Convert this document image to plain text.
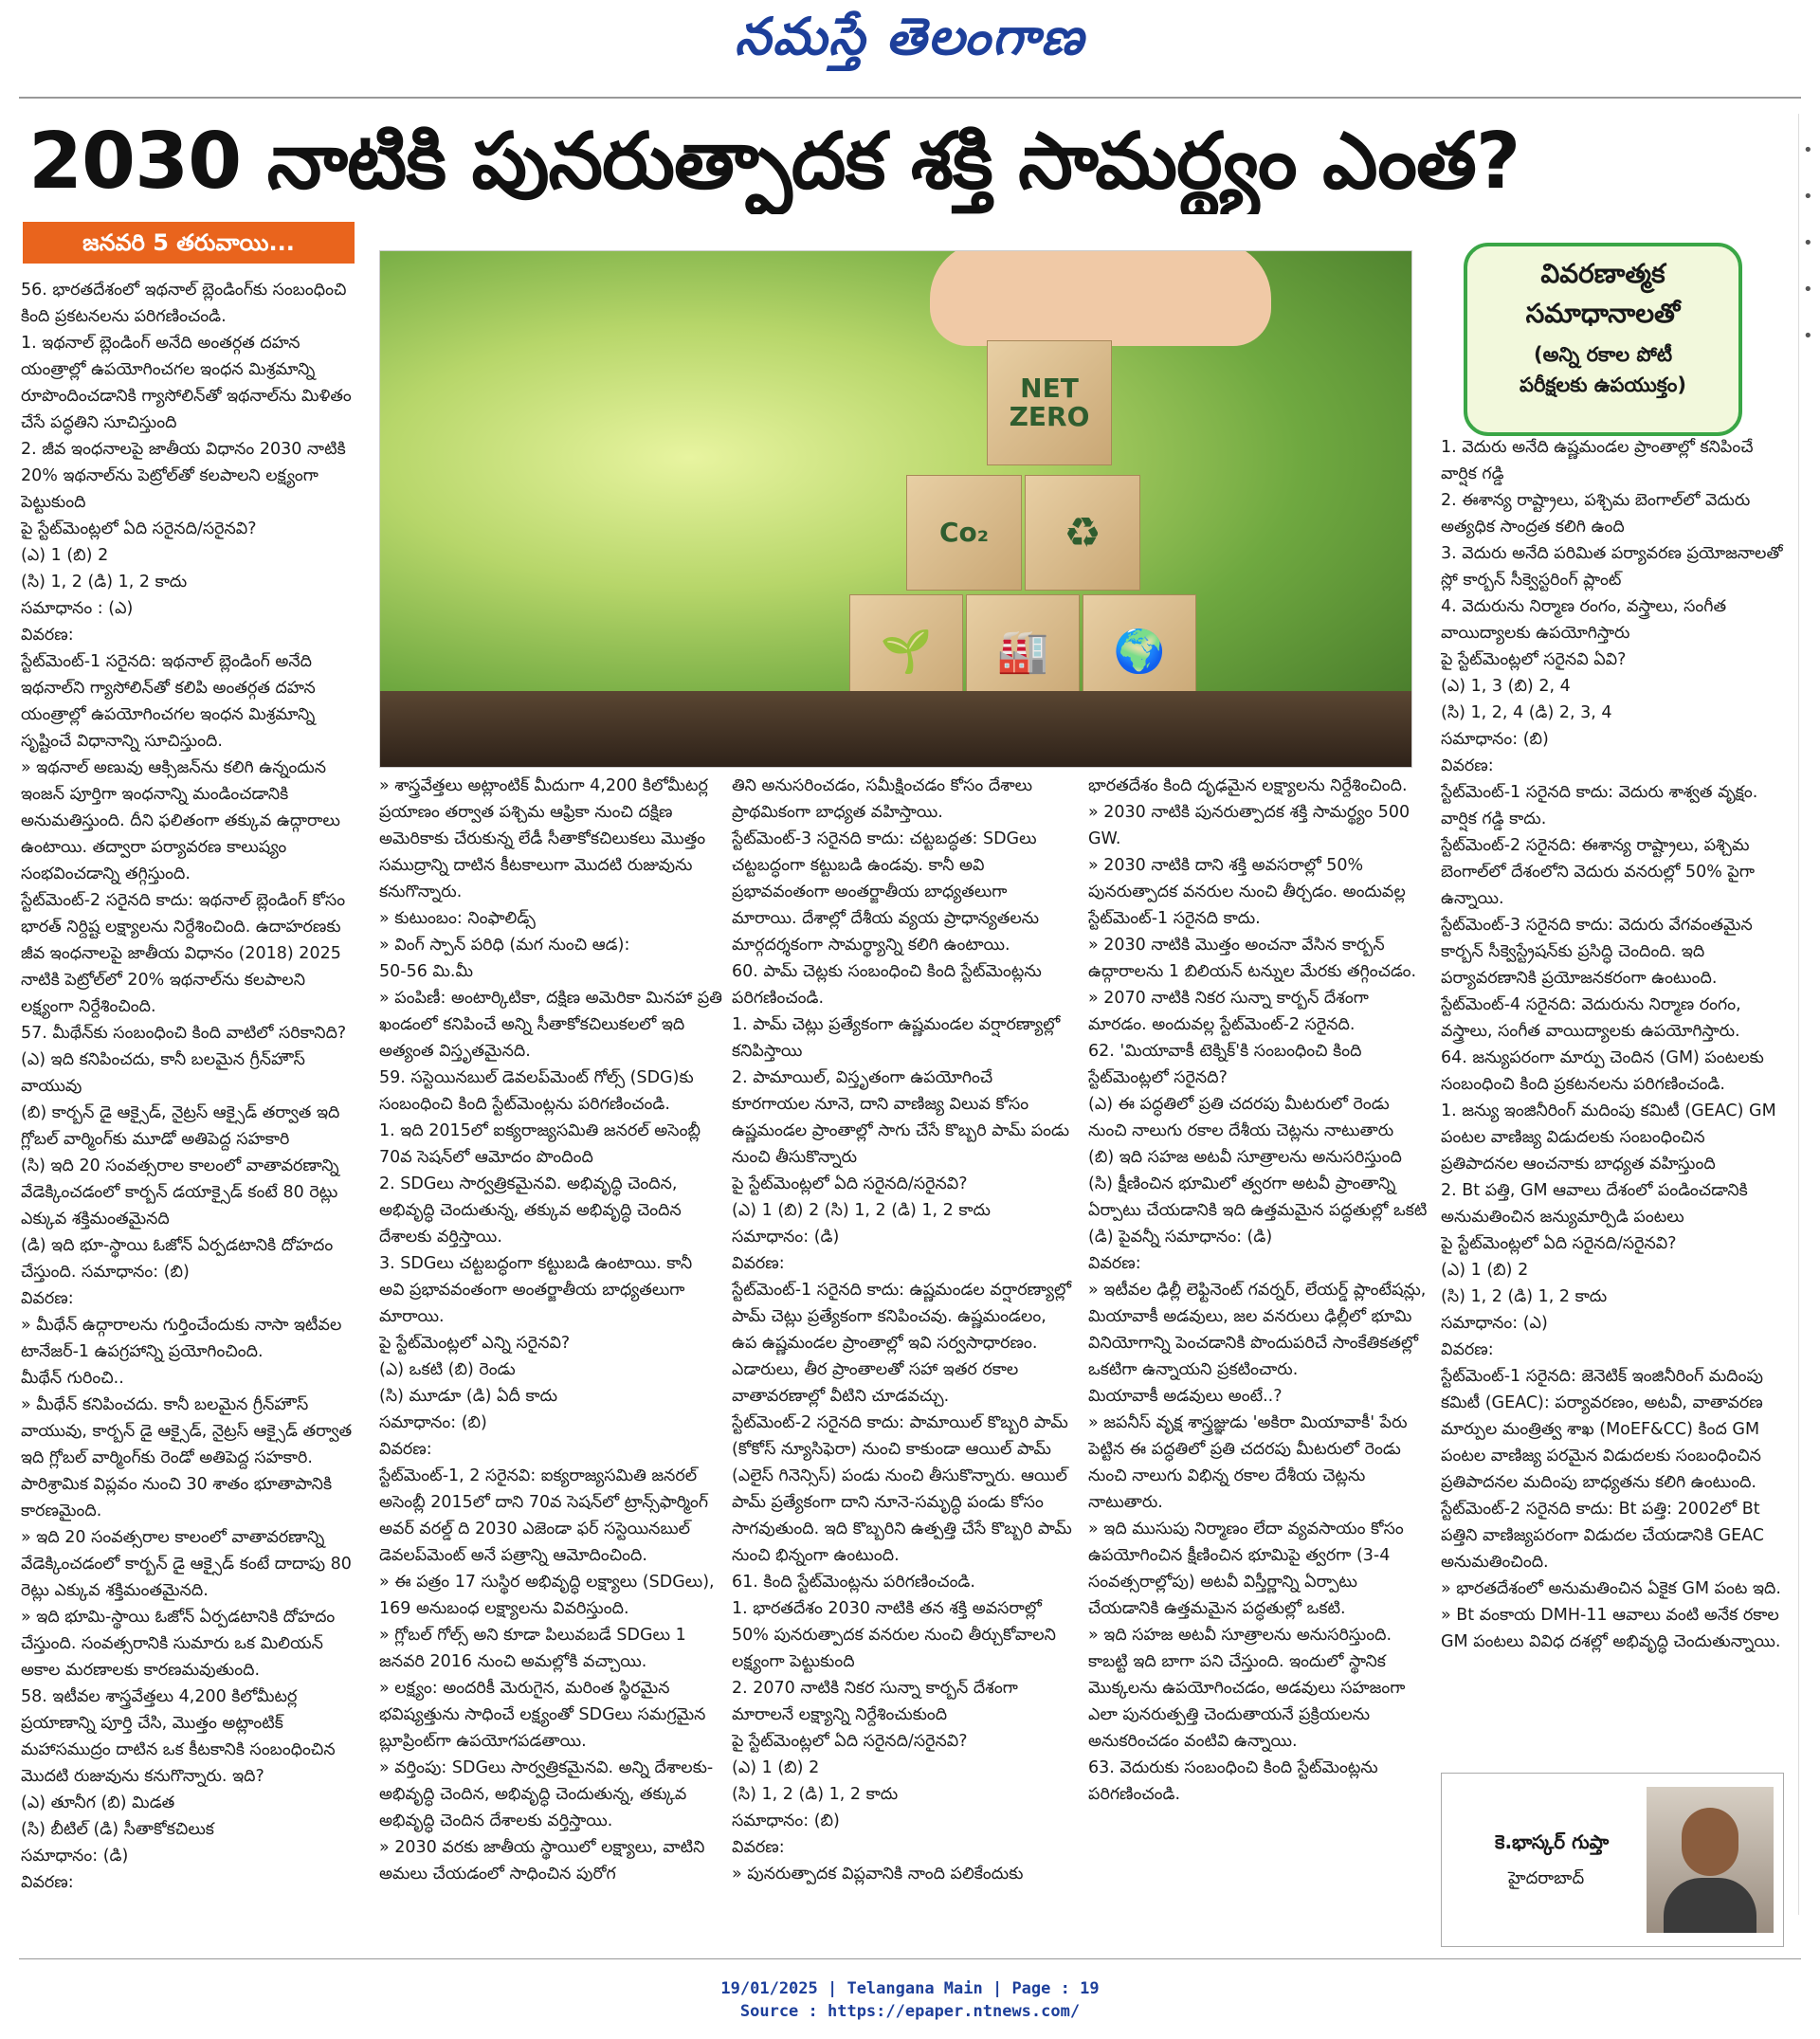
నమస్తే తెలంగాణ
2030 నాటికి పునరుత్పాదక శక్తి సామర్థ్యం ఎంత?	•
•
•
•
•
జనవరి 5 తరువాయి...
56. భారతదేశంలో ఇథనాల్ బ్లెండింగ్‌కు సంబంధించి కింది ప్రకటనలను పరిగణించండి.
1. ఇథనాల్ బ్లెండింగ్ అనేది అంతర్గత దహన యంత్రాల్లో ఉపయోగించగల ఇంధన మిశ్రమాన్ని రూపొందించడానికి గ్యాసోలిన్‌తో ఇథనాల్‌ను మిళితం చేసే పద్ధతిని సూచిస్తుంది
2. జీవ ఇంధనాలపై జాతీయ విధానం 2030 నాటికి 20% ఇథనాల్‌ను పెట్రోల్‌తో కలపాలని లక్ష్యంగా పెట్టుకుంది
పై స్టేట్‌మెంట్లలో ఏది సరైనది/సరైనవి?
(ఎ) 1 (బి) 2
(సి) 1, 2 (డి) 1, 2 కాదు
సమాధానం : (ఎ)
వివరణ:
స్టేట్‌మెంట్-1 సరైనది: ఇథనాల్ బ్లెండింగ్ అనేది ఇథనాల్‌ని గ్యాసోలిన్‌తో కలిపి అంతర్గత దహన యంత్రాల్లో ఉపయోగించగల ఇంధన మిశ్రమాన్ని సృష్టించే విధానాన్ని సూచిస్తుంది.
» ఇథనాల్ అణువు ఆక్సిజన్‌ను కలిగి ఉన్నందున ఇంజన్ పూర్తిగా ఇంధనాన్ని మండించడానికి అనుమతిస్తుంది. దీని ఫలితంగా తక్కువ ఉద్గారాలు ఉంటాయి. తద్వారా పర్యావరణ కాలుష్యం సంభవించడాన్ని తగ్గిస్తుంది.
స్టేట్‌మెంట్-2 సరైనది కాదు: ఇథనాల్ బ్లెండింగ్ కోసం భారత్ నిర్దిష్ట లక్ష్యాలను నిర్దేశించింది. ఉదాహరణకు జీవ ఇంధనాలపై జాతీయ విధానం (2018) 2025 నాటికి పెట్రోల్‌లో 20% ఇథనాల్‌ను కలపాలని లక్ష్యంగా నిర్దేశించింది.
57. మీథేన్‌కు సంబంధించి కింది వాటిలో సరికానిది?
(ఎ) ఇది కనిపించదు, కానీ బలమైన గ్రీన్‌హౌస్ వాయువు
(బి) కార్బన్ డై ఆక్సైడ్, నైట్రస్ ఆక్సైడ్ తర్వాత ఇది గ్లోబల్ వార్మింగ్‌కు మూడో అతిపెద్ద సహకారి
(సి) ఇది 20 సంవత్సరాల కాలంలో వాతావరణాన్ని వేడెక్కించడంలో కార్బన్ డయాక్సైడ్ కంటే 80 రెట్లు ఎక్కువ శక్తిమంతమైనది
(డి) ఇది భూ-స్థాయి ఓజోన్ ఏర్పడటానికి దోహదం చేస్తుంది. సమాధానం: (బి)
వివరణ:
» మీథేన్ ఉద్గారాలను గుర్తించేందుకు నాసా ఇటీవల టానేజర్-1 ఉపగ్రహాన్ని ప్రయోగించింది.
మీథేన్ గురించి..
» మీథేన్ కనిపించదు. కానీ బలమైన గ్రీన్‌హౌస్ వాయువు, కార్బన్ డై ఆక్సైడ్, నైట్రస్ ఆక్సైడ్ తర్వాత ఇది గ్లోబల్ వార్మింగ్‌కు రెండో అతిపెద్ద సహకారి. పారిశ్రామిక విప్లవం నుంచి 30 శాతం భూతాపానికి కారణమైంది.
» ఇది 20 సంవత్సరాల కాలంలో వాతావరణాన్ని వేడెక్కించడంలో కార్బన్ డై ఆక్సైడ్ కంటే దాదాపు 80 రెట్లు ఎక్కువ శక్తిమంతమైనది.
» ఇది భూమి-స్థాయి ఓజోన్ ఏర్పడటానికి దోహదం చేస్తుంది. సంవత్సరానికి సుమారు ఒక మిలియన్ అకాల మరణాలకు కారణమవుతుంది.
58. ఇటీవల శాస్త్రవేత్తలు 4,200 కిలోమీటర్ల ప్రయాణాన్ని పూర్తి చేసి, మొత్తం అట్లాంటిక్ మహాసముద్రం దాటిన ఒక కీటకానికి సంబంధించిన మొదటి రుజువును కనుగొన్నారు. ఇది?
(ఎ) తూనీగ (బి) మిడత
(సి) బీటిల్ (డి) సీతాకోకచిలుక
సమాధానం: (డి)
వివరణ:
NET
ZERO
Co₂	♻
🌱	🏭	🌍
వివరణాత్మక
సమాధానాలతో
(అన్ని రకాల పోటీ
పరీక్షలకు ఉపయుక్తం)
» శాస్త్రవేత్తలు అట్లాంటిక్ మీదుగా 4,200 కిలోమీటర్ల ప్రయాణం తర్వాత పశ్చిమ ఆఫ్రికా నుంచి దక్షిణ అమెరికాకు చేరుకున్న లేడీ సీతాకోకచిలుకలు మొత్తం సముద్రాన్ని దాటిన కీటకాలుగా మొదటి రుజువును కనుగొన్నారు.
» కుటుంబం: నింఫాలిడ్స్
» వింగ్ స్పాన్ పరిధి (మగ నుంచి ఆడ):
50-56 మి.మీ
» పంపిణీ: అంటార్కిటికా, దక్షిణ అమెరికా మినహా ప్రతి ఖండంలో కనిపించే అన్ని సీతాకోకచిలుకలలో ఇది అత్యంత విస్తృతమైనది.
59. సస్టెయినబుల్ డెవలప్‌మెంట్ గోల్స్ (SDG)కు సంబంధించి కింది స్టేట్‌మెంట్లను పరిగణించండి.
1. ఇది 2015లో ఐక్యరాజ్యసమితి జనరల్ అసెంబ్లీ 70వ సెషన్‌లో ఆమోదం పొందింది
2. SDGలు సార్వత్రికమైనవి. అభివృద్ధి చెందిన, అభివృద్ధి చెందుతున్న, తక్కువ అభివృద్ధి చెందిన దేశాలకు వర్తిస్తాయి.
3. SDGలు చట్టబద్ధంగా కట్టుబడి ఉంటాయి. కానీ అవి ప్రభావవంతంగా అంతర్జాతీయ బాధ్యతలుగా మారాయి.
పై స్టేట్‌మెంట్లలో ఎన్ని సరైనవి?
(ఎ) ఒకటి (బి) రెండు
(సి) మూడూ (డి) ఏదీ కాదు
సమాధానం: (బి)
వివరణ:
స్టేట్‌మెంట్-1, 2 సరైనవి: ఐక్యరాజ్యసమితి జనరల్ అసెంబ్లీ 2015లో దాని 70వ సెషన్‌లో ట్రాన్స్‌ఫార్మింగ్ అవర్ వరల్డ్ ది 2030 ఎజెండా ఫర్ సస్టెయినబుల్ డెవలప్‌మెంట్ అనే పత్రాన్ని ఆమోదించింది.
» ఈ పత్రం 17 సుస్థిర అభివృద్ధి లక్ష్యాలు (SDGలు), 169 అనుబంధ లక్ష్యాలను వివరిస్తుంది.
» గ్లోబల్ గోల్స్ అని కూడా పిలువబడే SDGలు 1 జనవరి 2016 నుంచి అమల్లోకి వచ్చాయి.
» లక్ష్యం: అందరికీ మెరుగైన, మరింత స్థిరమైన భవిష్యత్తును సాధించే లక్ష్యంతో SDGలు సమగ్రమైన బ్లూప్రింట్‌గా ఉపయోగపడతాయి.
» వర్తింపు: SDGలు సార్వత్రికమైనవి. అన్ని దేశాలకు-అభివృద్ధి చెందిన, అభివృద్ధి చెందుతున్న, తక్కువ అభివృద్ధి చెందిన దేశాలకు వర్తిస్తాయి.
» 2030 వరకు జాతీయ స్థాయిలో లక్ష్యాలు, వాటిని అమలు చేయడంలో సాధించిన పురోగ
తిని అనుసరించడం, సమీక్షించడం కోసం దేశాలు ప్రాథమికంగా బాధ్యత వహిస్తాయి.
స్టేట్‌మెంట్-3 సరైనది కాదు: చట్టబద్ధత: SDGలు చట్టబద్ధంగా కట్టుబడి ఉండవు. కానీ అవి ప్రభావవంతంగా అంతర్జాతీయ బాధ్యతలుగా మారాయి. దేశాల్లో దేశీయ వ్యయ ప్రాధాన్యతలను మార్గదర్శకంగా సామర్థ్యాన్ని కలిగి ఉంటాయి.
60. పామ్ చెట్లకు సంబంధించి కింది స్టేట్‌మెంట్లను పరిగణించండి.
1. పామ్ చెట్లు ప్రత్యేకంగా ఉష్ణమండల వర్షారణ్యాల్లో కనిపిస్తాయి
2. పామాయిల్, విస్తృతంగా ఉపయోగించే కూరగాయల నూనె, దాని వాణిజ్య విలువ కోసం ఉష్ణమండల ప్రాంతాల్లో సాగు చేసే కొబ్బరి పామ్ పండు నుంచి తీసుకొన్నారు
పై స్టేట్‌మెంట్లలో ఏది సరైనది/సరైనవి?
(ఎ) 1 (బి) 2 (సి) 1, 2 (డి) 1, 2 కాదు
సమాధానం: (డి)
వివరణ:
స్టేట్‌మెంట్-1 సరైనది కాదు: ఉష్ణమండల వర్షారణ్యాల్లో పామ్ చెట్లు ప్రత్యేకంగా కనిపించవు. ఉష్ణమండలం, ఉప ఉష్ణమండల ప్రాంతాల్లో ఇవి సర్వసాధారణం. ఎడారులు, తీర ప్రాంతాలతో సహా ఇతర రకాల వాతావరణాల్లో వీటిని చూడవచ్చు.
స్టేట్‌మెంట్-2 సరైనది కాదు: పామాయిల్ కొబ్బరి పామ్ (కోకోస్ న్యూసిఫెరా) నుంచి కాకుండా ఆయిల్ పామ్ (ఎలైస్ గినెన్సిస్) పండు నుంచి తీసుకొన్నారు. ఆయిల్ పామ్ ప్రత్యేకంగా దాని నూనె-సమృద్ధి పండు కోసం సాగవుతుంది. ఇది కొబ్బరిని ఉత్పత్తి చేసే కొబ్బరి పామ్ నుంచి భిన్నంగా ఉంటుంది.
61. కింది స్టేట్‌మెంట్లను పరిగణించండి.
1. భారతదేశం 2030 నాటికి తన శక్తి అవసరాల్లో 50% పునరుత్పాదక వనరుల నుంచి తీర్చుకోవాలని లక్ష్యంగా పెట్టుకుంది
2. 2070 నాటికి నికర సున్నా కార్బన్ దేశంగా మారాలనే లక్ష్యాన్ని నిర్దేశించుకుంది
పై స్టేట్‌మెంట్లలో ఏది సరైనది/సరైనవి?
(ఎ) 1 (బి) 2
(సి) 1, 2 (డి) 1, 2 కాదు
సమాధానం: (బి)
వివరణ:
» పునరుత్పాదక విప్లవానికి నాంది పలికేందుకు
భారతదేశం కింది దృఢమైన లక్ష్యాలను నిర్దేశించింది.
» 2030 నాటికి పునరుత్పాదక శక్తి సామర్థ్యం 500 GW.
» 2030 నాటికి దాని శక్తి అవసరాల్లో 50% పునరుత్పాదక వనరుల నుంచి తీర్చడం. అందువల్ల స్టేట్‌మెంట్-1 సరైనది కాదు.
» 2030 నాటికి మొత్తం అంచనా వేసిన కార్బన్ ఉద్గారాలను 1 బిలియన్ టన్నుల మేరకు తగ్గించడం.
» 2070 నాటికి నికర సున్నా కార్బన్ దేశంగా మారడం. అందువల్ల స్టేట్‌మెంట్-2 సరైనది.
62. 'మియావాకీ టెక్నిక్'కి సంబంధించి కింది స్టేట్‌మెంట్లలో సరైనది?
(ఎ) ఈ పద్ధతిలో ప్రతి చదరపు మీటరులో రెండు నుంచి నాలుగు రకాల దేశీయ చెట్లను నాటుతారు
(బి) ఇది సహజ అటవీ సూత్రాలను అనుసరిస్తుంది
(సి) క్షీణించిన భూమిలో త్వరగా అటవీ ప్రాంతాన్ని ఏర్పాటు చేయడానికి ఇది ఉత్తమమైన పద్ధతుల్లో ఒకటి
(డి) పైవన్నీ సమాధానం: (డి)
వివరణ:
» ఇటీవల ఢిల్లీ లెఫ్టినెంట్ గవర్నర్, లేయర్డ్ ప్లాంటేషన్లు, మియావాకీ అడవులు, జల వనరులు ఢిల్లీలో భూమి వినియోగాన్ని పెంచడానికి పొందుపరిచే సాంకేతికతల్లో ఒకటిగా ఉన్నాయని ప్రకటించారు.
మియావాకీ అడవులు అంటే..?
» జపనీస్ వృక్ష శాస్త్రజ్ఞుడు 'అకిరా మియావాకీ' పేరు పెట్టిన ఈ పద్ధతిలో ప్రతి చదరపు మీటరులో రెండు నుంచి నాలుగు విభిన్న రకాల దేశీయ చెట్లను నాటుతారు.
» ఇది ముసుపు నిర్మాణం లేదా వ్యవసాయం కోసం ఉపయోగించిన క్షీణించిన భూమిపై త్వరగా (3-4 సంవత్సరాల్లోపు) అటవీ విస్తీర్ణాన్ని ఏర్పాటు చేయడానికి ఉత్తమమైన పద్ధతుల్లో ఒకటి.
» ఇది సహజ అటవీ సూత్రాలను అనుసరిస్తుంది. కాబట్టి ఇది బాగా పని చేస్తుంది. ఇందులో స్థానిక మొక్కలను ఉపయోగించడం, అడవులు సహజంగా ఎలా పునరుత్పత్తి చెందుతాయనే ప్రక్రియలను అనుకరించడం వంటివి ఉన్నాయి.
63. వెదురుకు సంబంధించి కింది స్టేట్‌మెంట్లను పరిగణించండి.
1. వెదురు అనేది ఉష్ణమండల ప్రాంతాల్లో కనిపించే వార్షిక గడ్డి
2. ఈశాన్య రాష్ట్రాలు, పశ్చిమ బెంగాల్‌లో వెదురు అత్యధిక సాంద్రత కలిగి ఉంది
3. వెదురు అనేది పరిమిత పర్యావరణ ప్రయోజనాలతో స్లో కార్బన్ సీక్వెస్టరింగ్ ప్లాంట్
4. వెదురును నిర్మాణ రంగం, వస్త్రాలు, సంగీత వాయిద్యాలకు ఉపయోగిస్తారు
పై స్టేట్‌మెంట్లలో సరైనవి ఏవి?
(ఎ) 1, 3 (బి) 2, 4
(సి) 1, 2, 4 (డి) 2, 3, 4
సమాధానం: (బి)
వివరణ:
స్టేట్‌మెంట్-1 సరైనది కాదు: వెదురు శాశ్వత వృక్షం. వార్షిక గడ్డి కాదు.
స్టేట్‌మెంట్-2 సరైనది: ఈశాన్య రాష్ట్రాలు, పశ్చిమ బెంగాల్‌లో దేశంలోని వెదురు వనరుల్లో 50% పైగా ఉన్నాయి.
స్టేట్‌మెంట్-3 సరైనది కాదు: వెదురు వేగవంతమైన కార్బన్ సీక్వెస్ట్రేషన్‌కు ప్రసిద్ధి చెందింది. ఇది పర్యావరణానికి ప్రయోజనకరంగా ఉంటుంది.
స్టేట్‌మెంట్-4 సరైనది: వెదురును నిర్మాణ రంగం, వస్త్రాలు, సంగీత వాయిద్యాలకు ఉపయోగిస్తారు.
64. జన్యుపరంగా మార్పు చెందిన (GM) పంటలకు సంబంధించి కింది ప్రకటనలను పరిగణించండి.
1. జన్యు ఇంజినీరింగ్ మదింపు కమిటీ (GEAC) GM పంటల వాణిజ్య విడుదలకు సంబంధించిన ప్రతిపాదనల ఆంచనాకు బాధ్యత వహిస్తుంది
2. Bt పత్తి, GM ఆవాలు దేశంలో పండించడానికి అనుమతించిన జన్యుమార్పిడి పంటలు
పై స్టేట్‌మెంట్లలో ఏది సరైనది/సరైనవి?
(ఎ) 1 (బి) 2
(సి) 1, 2 (డి) 1, 2 కాదు
సమాధానం: (ఎ)
వివరణ:
స్టేట్‌మెంట్-1 సరైనది: జెనెటిక్ ఇంజినీరింగ్ మదింపు కమిటీ (GEAC): పర్యావరణం, అటవీ, వాతావరణ మార్పుల మంత్రిత్వ శాఖ (MoEF&CC) కింద GM పంటల వాణిజ్య పరమైన విడుదలకు సంబంధించిన ప్రతిపాదనల మదింపు బాధ్యతను కలిగి ఉంటుంది.
స్టేట్‌మెంట్-2 సరైనది కాదు: Bt పత్తి: 2002లో Bt పత్తిని వాణిజ్యపరంగా విడుదల చేయడానికి GEAC అనుమతించింది.
» భారతదేశంలో అనుమతించిన ఏకైక GM పంట ఇది.
» Bt వంకాయ DMH-11 ఆవాలు వంటి అనేక రకాల GM పంటలు వివిధ దశల్లో అభివృద్ధి చెందుతున్నాయి.
కె.భాస్కర్ గుప్తా
హైదరాబాద్
19/01/2025 | Telangana Main | Page : 19
Source : https://epaper.ntnews.com/
